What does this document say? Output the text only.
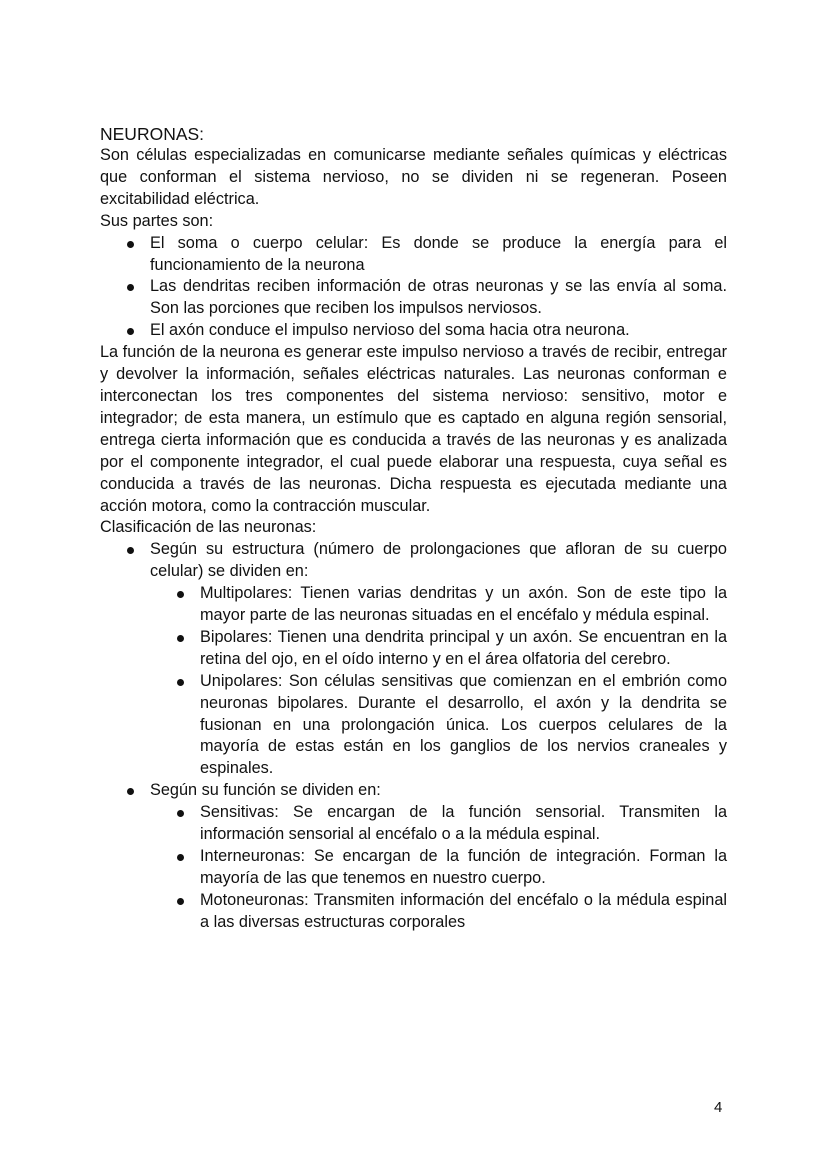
NEURONAS:

Son células especializadas en comunicarse mediante señales químicas y eléctricas que conforman el sistema nervioso, no se dividen ni se regeneran. Poseen excitabilidad eléctrica.

Sus partes son:

El soma o cuerpo celular: Es donde se produce la energía para el funcionamiento de la neurona
Las dendritas reciben información de otras neuronas y se las envía al soma. Son las porciones que reciben los impulsos nerviosos.
El axón conduce el impulso nervioso del soma hacia otra neurona.

La función de la neurona es generar este impulso nervioso a través de recibir, entregar y devolver la información, señales eléctricas naturales. Las neuronas conforman e interconectan los tres componentes del sistema nervioso: sensitivo, motor e integrador; de esta manera, un estímulo que es captado en alguna región sensorial, entrega cierta información que es conducida a través de las neuronas y es analizada por el componente integrador, el cual puede elaborar una respuesta, cuya señal es conducida a través de las neuronas. Dicha respuesta es ejecutada mediante una acción motora, como la contracción muscular.

Clasificación de las neuronas:

Según su estructura (número de prolongaciones que afloran de su cuerpo celular) se dividen en:
Multipolares: Tienen varias dendritas y un axón. Son de este tipo la mayor parte de las neuronas situadas en el encéfalo y médula espinal.
Bipolares: Tienen una dendrita principal y un axón. Se encuentran en la retina del ojo, en el oído interno y en el área olfatoria del cerebro.
Unipolares: Son células sensitivas que comienzan en el embrión como neuronas bipolares. Durante el desarrollo, el axón y la dendrita se fusionan en una prolongación única. Los cuerpos celulares de la mayoría de estas están en los ganglios de los nervios craneales y espinales.
Según su función se dividen en:
Sensitivas: Se encargan de la función sensorial. Transmiten la información sensorial al encéfalo o a la médula espinal.
Interneuronas: Se encargan de la función de integración. Forman la mayoría de las que tenemos en nuestro cuerpo.
Motoneuronas: Transmiten información del encéfalo o la médula espinal a las diversas estructuras corporales
4
